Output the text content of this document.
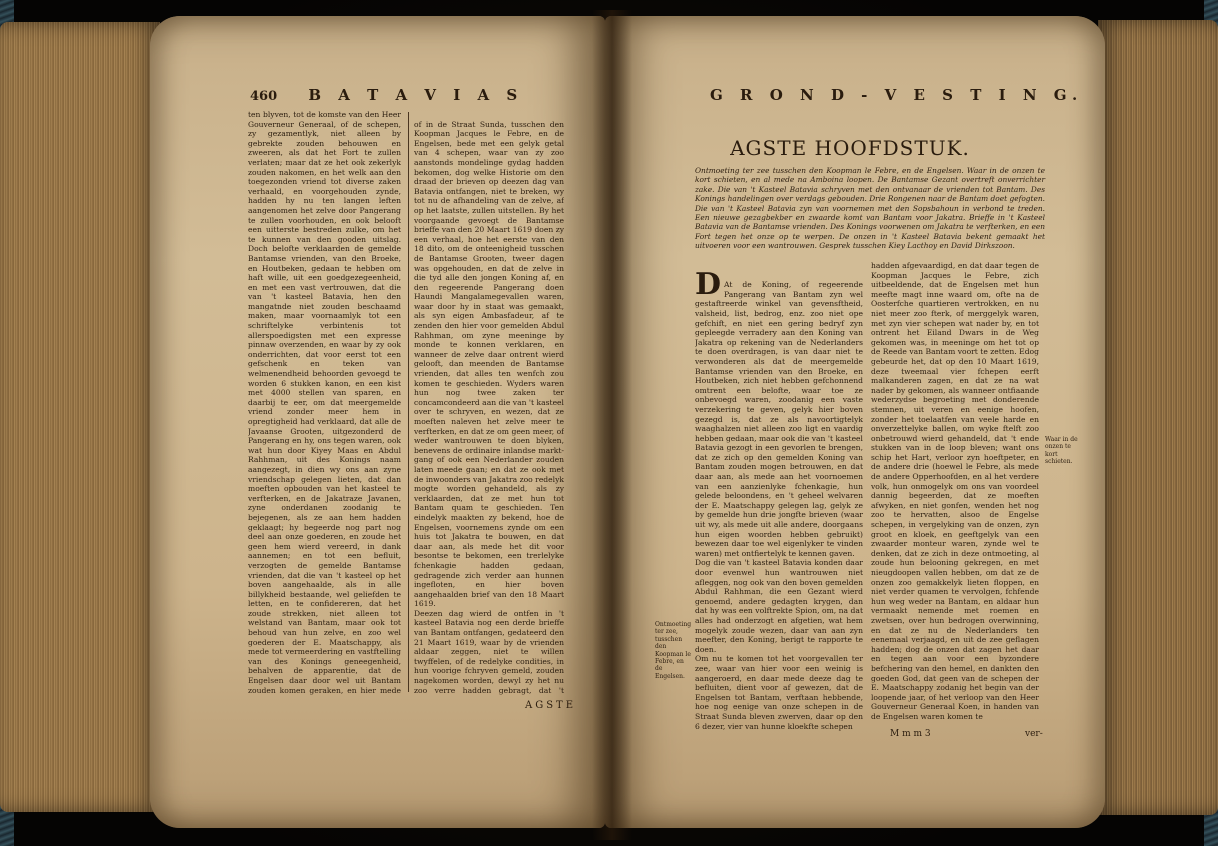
460 B A T A V I A S

ten blyven, tot de komste van den Heer Gouverneur Generaal, of de schepen, zy gezamentlyk, niet alleen by gebrekte zouden behouwen en zweeren, als dat het Fort te zullen verlaten; maar dat ze het ook zekerlyk zouden nakomen, en het welk aan den toegezonden vriend tot diverse zaken verhaald, en voorgehouden zynde, hadden hy nu ten langen leften aangenomen het zelve door Pangerang te zullen voorhouden, en ook belooft een uitterste bestreden zulke, om het te kunnen van den gooden uitslag. Doch belofte verklaarden de gemelde Bantamse vrienden, van den Broeke, en Houtbeken, gedaan te hebben om haft wille, uit een goedgezegeenheid, en met een vast vertrouwen, dat die van 't kasteel Batavia, hen den mangatnde niet zouden beschaamd maken, maar voornaamlyk tot een schriftelyke verbintenis tot allerspoedigsten met een expresse pinnaw overzenden, en waar by zy ook onderrichten, dat voor eerst tot een gefschenk en teken van welmenendheid behoorden gevoegd te worden 6 stukken kanon, en een kist met 4000 stellen van sparen, en daarbij te eer, om dat meergemelde vriend zonder meer hem in opregtigheid had verklaard, dat alle de Javaanse Grooten, uitgezonderd de Pangerang en hy, ons tegen waren, ook wat hun door Kiyey Maas en Abdul Rahhman, uit des Konings naam aangezegt, in dien wy ons aan zyne vriendschap gelegen lieten, dat dan moeften opbouden van het kasteel te verfterken, en de Jakatraze Javanen, zyne onderdanen zoodanig te bejegenen, als ze aan hem hadden geklaagt; hy begeerde nog part nog deel aan onze goederen, en zoude het geen hem wierd vereerd, in dank aannemen; en tot een befluit, verzogten de gemelde Bantamse vrienden, dat die van 't kasteel op het boven aangehaalde, als in alle billykheid bestaande, wel geliefden te letten, en te confidereren, dat het zoude strekken, niet alleen tot welstand van Bantam, maar ook tot behoud van hun zelve, en zoo wel goederen der E. Maatschappy, als mede tot vermeerdering en vastftelling van des Konings geneegenheid, behalven de apparentie, dat de Engelsen daar door wel uit Bantam zouden komen geraken, en hier mede

of in de Straat Sunda, tusschen den Koopman Jacques le Febre, en de Engelsen, bede met een gelyk getal van 4 schepen, waar van zy zoo aanstonds mondelinge gydag hadden bekomen, dog welke Historie om den draad der brieven op deezen dag van Batavia ontfangen, niet te breken, wy tot nu de afhandeling van de zelve, af op het laatste, zullen uitstellen. By het voorgaande gevoegt de Bantamse brieffe van den 20 Maart 1619 doen zy een verhaal, hoe het eerste van den 18 dito, om de onteenigheid tusschen de Bantamse Grooten, tweer dagen was opgehouden, en dat de zelve in die tyd alle den jongen Koning af, en den regeerende Pangerang doen Haundi Mangalamegevallen waren, waar door hy in staat was gemaakt, als syn eigen Ambasfadeur, af te zenden den hier voor gemelden Abdul Rahhman, om zyne meeninge by monde te konnen verklaren, en wanneer de zelve daar ontrent wierd gelooft, dan meenden de Bantamse vrienden, dat alles ten wenfch zou komen te geschieden. Wyders waren hun nog twee zaken ter concamcondeerd aan die van 't kasteel over te schryven, en wezen, dat ze moeften naleven het zelve meer te verfterken, en dat ze om geen meer, of weder wantrouwen te doen blyken, benevens de ordinaire inlandse markt-gang of ook een Nederlander zouden laten meede gaan; en dat ze ook met de inwoonders van Jakatra zoo redelyk mogte worden gehandeld, als zy verklaarden, dat ze met hun tot Bantam quam te geschieden. Ten eindelyk maakten zy bekend, hoe de Engelsen, voornemens zynde om een huis tot Jakatra te bouwen, en dat daar aan, als mede het dit voor besontse te bekomen, een trerlelyke fchenkagie hadden gedaan, gedragende zich verder aan hunnen ingefloten, en hier boven aangehaalden brief van den 18 Maart 1619.
Deezen dag wierd de ontfen in 't kasteel Batavia nog een derde brieffe van Bantam ontfangen, gedateerd den 21 Maart 1619, waar by de vrienden aldaar zeggen, niet te willen twyffelen, of de redelyke condities, in hun voorige fchryven gemeld, zouden nagekomen worden, dewyl zy het nu zoo verre hadden gebragt, dat 't

AGSTE
G R O N D - V E S T I N G.
AGSTE HOOFDSTUK.
Ontmoeting ter zee tusschen den Koopman le Febre, en de Engelsen. Waar in de onzen te kort schieten, en al mede na Amboina loopen. De Bantamse Gezant overtreft onverrichter zake. Die van 't Kasteel Batavia schryven met den ontvanaar de vrienden tot Bantam. Des Konings handelingen over verdags gebouden. Drie Rongenen naar de Bantam doet gefogten. Die van 't Kasteel Batavia zyn van voornemen met den Sopsbahoun in verbond te treden. Een nieuwe gezagbekber en zwaarde komt van Bantam voor Jakatra. Brieffe in 't Kasteel Batavia van de Bantamse vrienden. Des Konings voorwenen om Jakatra te verfterken, en een Fort tegen het onze op te werpen. De onzen in 't Kasteel Batavia bekent gemaakt het uitvoeren voor een wantrouwen. Gesprek tusschen Kiey Lacthoy en David Dirkszoon.

D At de Koning, of regeerende Pangerang van Bantam zyn wel gestaftreerde winkel van gevensftheid, valsheid, list, bedrog, enz. zoo niet ope gefchift, en niet een gering bedryf zyn gepleegde verradery aan den Koning van Jakatra op rekening van de Nederlanders te doen overdragen, is van daar niet te verwonderen als dat de meergemelde Bantamse vrienden van den Broeke, en Houtbeken, zich niet hebben gefchonnend omtrent een belofte, waar toe ze onbevoegd waren, zoodanig een vaste verzekering te geven, gelyk hier boven gezegd is, dat ze als navoortigtelyk waaghalzen niet alleen zoo ligt en vaardig hebben gedaan, maar ook die van 't kasteel Batavia gezogt in een gevorlen te brengen, dat ze zich op den gemelden Koning van Bantam zouden mogen betrouwen, en dat daar aan, als mede aan het voornoemen van een aanzienlyke fchenkagie, hun gelede beloondens, en 't geheel welvaren der E. Maatschappy gelegen lag, gelyk ze by gemelde hun drie jongfte brieven (waar uit wy, als mede uit alle andere, doorgaans hun eigen woorden hebben gebruikt) bewezen daar toe wel eigenlyker te vinden waren) met ontfiertelyk te kennen gaven.
Dog die van 't kasteel Batavia konden daar door evenwel hun wantrouwen niet afleggen, nog ook van den boven gemelden Abdul Rahhman, die een Gezant wierd genoemd, andere gedagten krygen, dan dat hy was een volftrekte Spion, om, na dat alles had onderzogt en afgetien, wat hem mogelyk zoude wezen, daar van aan zyn meefter, den Koning, berigt te rapporte te doen.
Om nu te komen tot het voorgevallen ter zee, waar van hier voor een weinig is aangeroerd, en daar mede deeze dag te befluiten, dient voor af gewezen, dat de Engelsen tot Bantam, verftaan hebbende, hoe nog eenige van onze schepen in de Straat Sunda bleven zwerven, daar op den 6 dezer, vier van hunne kloekfte schepen

hadden afgevaardigd, en dat daar tegen de Koopman Jacques le Febre, zich uitbeeldende, dat de Engelsen met hun meefte magt inne waard om, ofte na de Oosterfche quartieren vertrokken, en nu niet meer zoo fterk, of merggelyk waren, met zyn vier schepen wat nader by, en tot ontrent het Eiland Dwars in de Weg gekomen was, in meeninge om het tot op de Reede van Bantam voort te zetten. Edog gebeurde het, dat op den 10 Maart 1619, deze tweemaal vier fchepen eerft malkanderen zagen, en dat ze na wat nader by gekomen, als wanneer ontfiaande wederzydse begroeting met donderende stemnen, uit veren en eenige hoofen, zonder het toelaatfen van veele harde en onverzettelyke ballen, om wyke ftelft zoo onbetrouwd wierd gehandeld, dat 't ende stukken van in de loop bleven; want ons schip het Hart, verloor zyn hoeftpeter, en de andere drie (hoewel le Febre, als mede de andere Opperhoofden, en al het verdere volk, hun onmogelyk om ons van voordeel dannig begeerden, dat ze moeften afwyken, en niet gonfen, wenden het nog zoo te hervatten, alsoo de Engelse schepen, in vergelyking van de onzen, zyn groot en kloek, en geeftgelyk van een zwaarder monteur waren, zynde wel te denken, dat ze zich in deze ontmoeting, al zoude hun belooning gekregen, en met nieugdoopen vallen hebben, om dat ze de onzen zoo gemakkelyk lieten floppen, en niet verder quamen te vervolgen, fchfende hun weg weder na Bantam, en aldaar hun vermaakt nemende met roemen en zwetsen, over hun bedrogen overwinning, en dat ze nu de Nederlanders ten eenemaal verjaagd, en uit de zee geflagen hadden; dog de onzen dat zagen het daar en tegen aan voor een byzondere befchering van den hemel, en dankten den goeden God, dat geen van de schepen der E. Maatschappy zodanig het begin van der loopende jaar, of het verloop van den Heer Gouverneur Generaal Koen, in handen van de Engelsen waren komen te

Ontmoeting ter zee, tusschen den Koopman le Febre, en de Engelsen.
Waar in de onzen te kort schieten.
M m m 3	ver-
